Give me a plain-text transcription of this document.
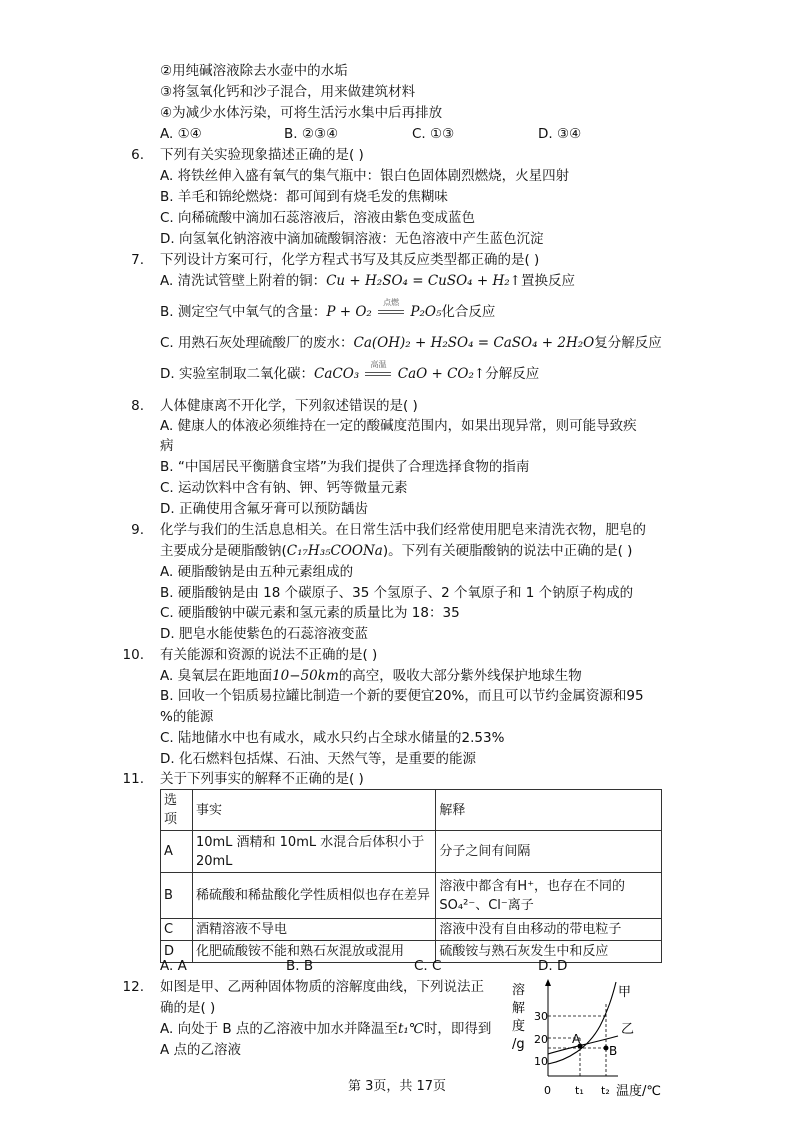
②用纯碱溶液除去水壶中的水垢
③将氢氧化钙和沙子混合，用来做建筑材料
④为减少水体污染，可将生活污水集中后再排放
A. ①④	B. ②③④	C. ①③	D. ③④
6. 下列有关实验现象描述正确的是( )
A. 将铁丝伸入盛有氧气的集气瓶中：银白色固体剧烈燃烧，火星四射
B. 羊毛和锦纶燃烧：都可闻到有烧毛发的焦糊味
C. 向稀硫酸中滴加石蕊溶液后，溶液由紫色变成蓝色
D. 向氢氧化钠溶液中滴加硫酸铜溶液：无色溶液中产生蓝色沉淀
7. 下列设计方案可行，化学方程式书写及其反应类型都正确的是( )
A. 清洗试管壁上附着的铜：Cu + H₂SO₄ = CuSO₄ + H₂↑置换反应
B. 测定空气中氧气的含量：P + O₂
点燃
P₂O₅化合反应
C. 用熟石灰处理硫酸厂的废水：Ca(OH)₂ + H₂SO₄ = CaSO₄ + 2H₂O复分解反应
D. 实验室制取二氧化碳：CaCO₃
高温
CaO + CO₂↑分解反应
8. 人体健康离不开化学，下列叙述错误的是( )
A. 健康人的体液必须维持在一定的酸碱度范围内，如果出现异常，则可能导致疾
病
B. “中国居民平衡膳食宝塔”为我们提供了合理选择食物的指南
C. 运动饮料中含有钠、钾、钙等微量元素
D. 正确使用含氟牙膏可以预防龋齿
9. 化学与我们的生活息息相关。在日常生活中我们经常使用肥皂来清洗衣物，肥皂的
主要成分是硬脂酸钠(C₁₇H₃₅COONa)。下列有关硬脂酸钠的说法中正确的是( )
A. 硬脂酸钠是由五种元素组成的
B. 硬脂酸钠是由 18 个碳原子、35 个氢原子、2 个氧原子和 1 个钠原子构成的
C. 硬脂酸钠中碳元素和氢元素的质量比为 18：35
D. 肥皂水能使紫色的石蕊溶液变蓝
10. 有关能源和资源的说法不正确的是( )
A. 臭氧层在距地面10−50km的高空，吸收大部分紫外线保护地球生物
B. 回收一个铝质易拉罐比制造一个新的要便宜20%，而且可以节约金属资源和95
%的能源
C. 陆地储水中也有咸水，咸水只约占全球水储量的2.53%
D. 化石燃料包括煤、石油、天然气等，是重要的能源
11. 关于下列事实的解释不正确的是( )
选项	事实	解释
A	10mL 酒精和 10mL 水混合后体积小于 20mL	分子之间有间隔
B	稀硫酸和稀盐酸化学性质相似也存在差异	溶液中都含有H⁺，也存在不同的SO₄²⁻、Cl⁻离子
C	酒精溶液不导电	溶液中没有自由移动的带电粒子
D	化肥硫酸铵不能和熟石灰混放或混用	硫酸铵与熟石灰发生中和反应
A. A	B. B	C. C	D. D
12. 如图是甲、乙两种固体物质的溶解度曲线，下列说法正
确的是( )
A. 向处于 B 点的乙溶液中加水并降温至t₁℃时，即得到
A 点的乙溶液
溶
解
度
/g
30
20
10
0 t₁ t₂ 温度/℃
A
B
甲
乙
第 3页，共 17页
